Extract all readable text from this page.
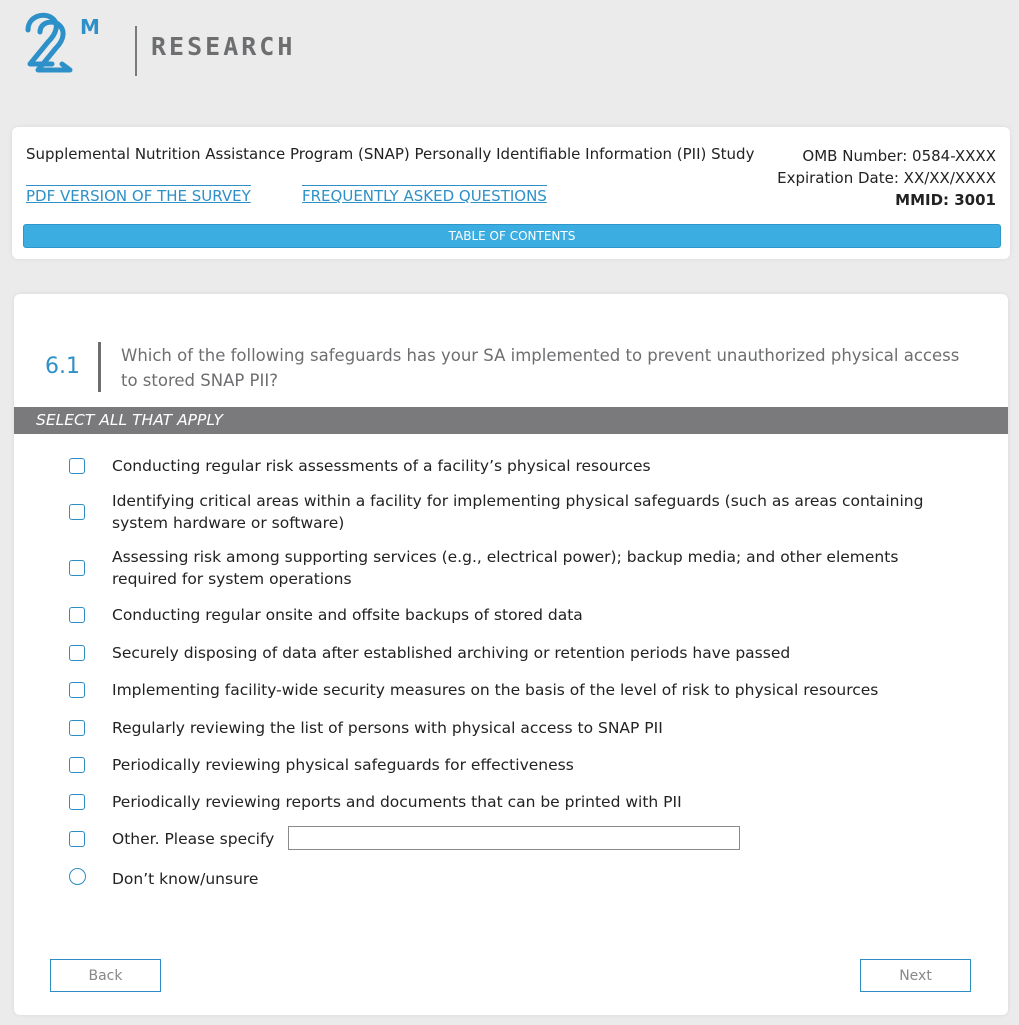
M
RESEARCH
Supplemental Nutrition Assistance Program (SNAP) Personally Identifiable Information (PII) Study	OMB Number: 0584-XXXX
Expiration Date: XX/XX/XXXX
MMID: 3001
PDF VERSION OF THE SURVEY	FREQUENTLY ASKED QUESTIONS
TABLE OF CONTENTS
6.1 Which of the following safeguards has your SA implemented to prevent unauthorized physical access to stored SNAP PII?
SELECT ALL THAT APPLY
Conducting regular risk assessments of a facility’s physical resources
Identifying critical areas within a facility for implementing physical safeguards (such as areas containing system hardware or software)
Assessing risk among supporting services (e.g., electrical power); backup media; and other elements required for system operations
Conducting regular onsite and offsite backups of stored data
Securely disposing of data after established archiving or retention periods have passed
Implementing facility-wide security measures on the basis of the level of risk to physical resources
Regularly reviewing the list of persons with physical access to SNAP PII
Periodically reviewing physical safeguards for effectiveness
Periodically reviewing reports and documents that can be printed with PII
Other. Please specify
Don’t know/unsure
Back	Next
